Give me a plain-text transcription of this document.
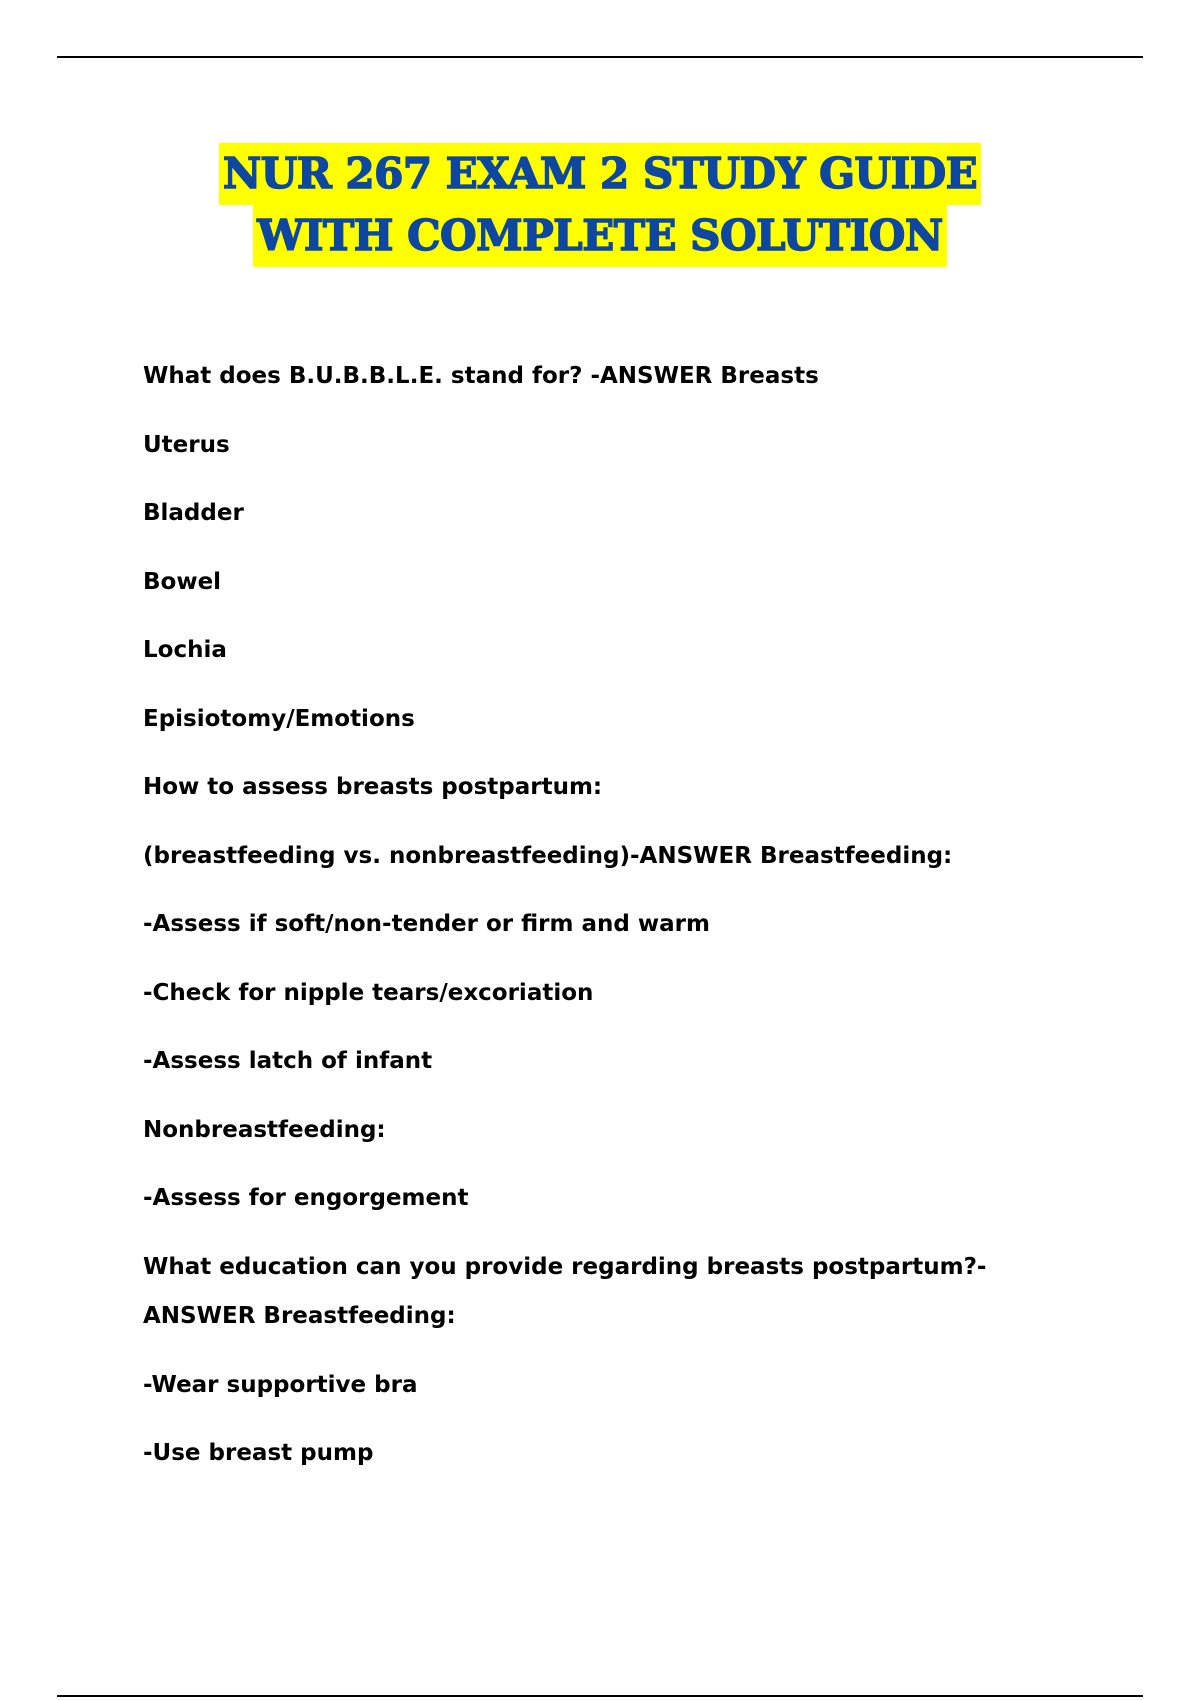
NUR 267 EXAM 2 STUDY GUIDE
WITH COMPLETE SOLUTION
What does B.U.B.B.L.E. stand for? -ANSWER Breasts
Uterus
Bladder
Bowel
Lochia
Episiotomy/Emotions
How to assess breasts postpartum:
(breastfeeding vs. nonbreastfeeding)-ANSWER Breastfeeding:
-Assess if soft/non-tender or firm and warm
-Check for nipple tears/excoriation
-Assess latch of infant
Nonbreastfeeding:
-Assess for engorgement
What education can you provide regarding breasts postpartum?-ANSWER Breastfeeding:
-Wear supportive bra
-Use breast pump
